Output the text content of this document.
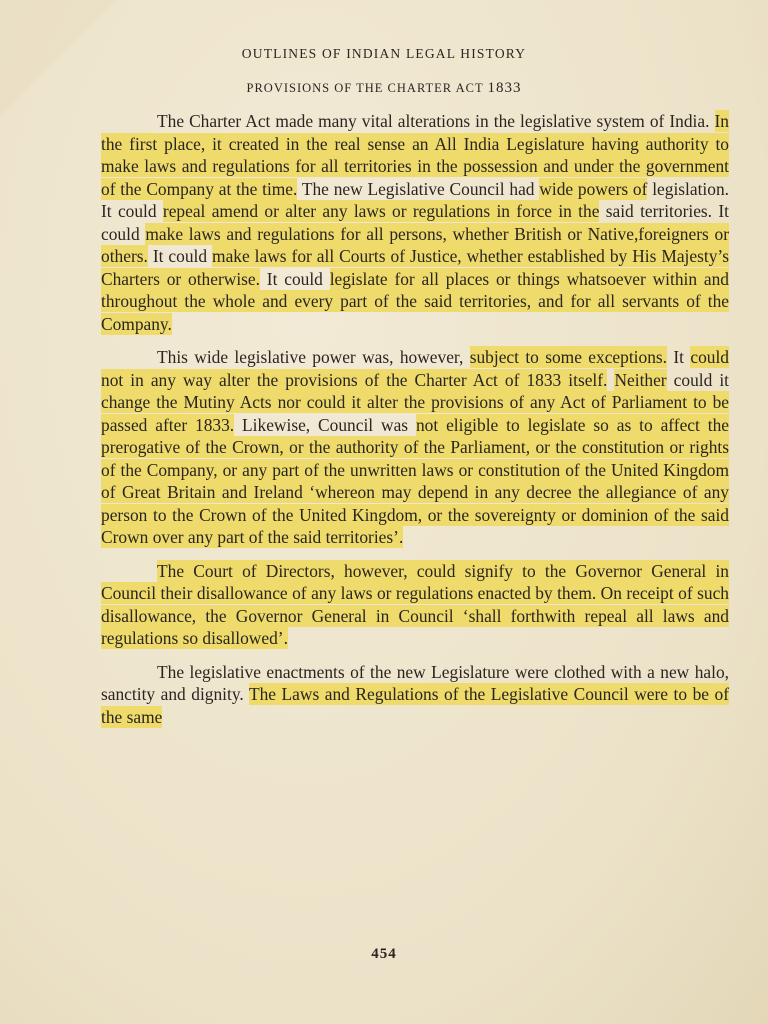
OUTLINES OF INDIAN LEGAL HISTORY
PROVISIONS OF THE CHARTER ACT 1833

The Charter Act made many vital alterations in the legislative system of India. In the first place, it created in the real sense an All India Legislature having authority to make laws and regulations for all territories in the possession and under the government of the Company at the time. The new Legislative Council had wide powers of legislation. It could repeal amend or alter any laws or regulations in force in the said territories. It could make laws and regulations for all persons, whether British or Native,foreigners or others. It could make laws for all Courts of Justice, whether established by His Majesty’s Charters or otherwise. It could legislate for all places or things whatsoever within and throughout the whole and every part of the said territories, and for all servants of the Company.

This wide legislative power was, however, subject to some exceptions. It could not in any way alter the provisions of the Charter Act of 1833 itself. Neither could it change the Mutiny Acts nor could it alter the provisions of any Act of Parliament to be passed after 1833. Likewise, Council was not eligible to legislate so as to affect the prerogative of the Crown, or the authority of the Parliament, or the constitution or rights of the Company, or any part of the unwritten laws or constitution of the United Kingdom of Great Britain and Ireland ‘whereon may depend in any decree the allegiance of any person to the Crown of the United Kingdom, or the sovereignty or dominion of the said Crown over any part of the said territories’.

The Court of Directors, however, could signify to the Governor General in Council their disallowance of any laws or regulations enacted by them. On receipt of such disallowance, the Governor General in Council ‘shall forthwith repeal all laws and regulations so disallowed’.

The legislative enactments of the new Legislature were clothed with a new halo, sanctity and dignity. The Laws and Regulations of the Legislative Council were to be of the same

454
